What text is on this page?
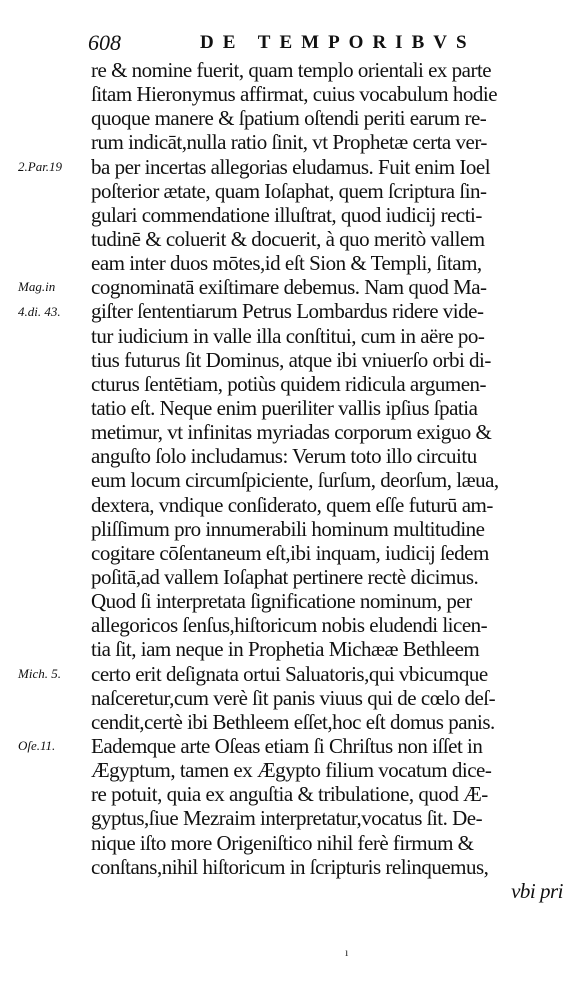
608	DE TEMPORIBVS
re & nomine fuerit, quam templo orientali ex parte
ſitam Hieronymus affirmat, cuius vocabulum hodie
quoque manere & ſpatium oſtendi periti earum re-
rum indicāt,nulla ratio ſinit, vt Prophetæ certa ver-
ba per incertas allegorias eludamus. Fuit enim Ioel
poſterior ætate, quam Ioſaphat, quem ſcriptura ſin-
gulari commendatione illuſtrat, quod iudicij recti-
tudinē & coluerit & docuerit, à quo meritò vallem
eam inter duos mōtes,id eſt Sion & Templi, ſitam,
cognominatā exiſtimare debemus. Nam quod Ma-
giſter ſententiarum Petrus Lombardus ridere vide-
tur iudicium in valle illa conſtitui, cum in aëre po-
tius futurus ſit Dominus, atque ibi vniuerſo orbi di-
cturus ſentētiam, potiùs quidem ridicula argumen-
tatio eſt. Neque enim pueriliter vallis ipſius ſpatia
metimur, vt infinitas myriadas corporum exiguo &
anguſto ſolo includamus: Verum toto illo circuitu
eum locum circumſpiciente, ſurſum, deorſum, læua,
dextera, vndique conſiderato, quem eſſe futurū am-
pliſſimum pro innumerabili hominum multitudine
cogitare cōſentaneum eſt,ibi inquam, iudicij ſedem
poſitā,ad vallem Ioſaphat pertinere rectè dicimus.
Quod ſi interpretata ſignificatione nominum, per
allegoricos ſenſus,hiſtoricum nobis eludendi licen-
tia ſit, iam neque in Prophetia Michææ Bethleem
certo erit deſignata ortui Saluatoris,qui vbicumque
naſceretur,cum verè ſit panis viuus qui de cœlo deſ-
cendit,certè ibi Bethleem eſſet,hoc eſt domus panis.
Eademque arte Oſeas etiam ſi Chriſtus non iſſet in
Ægyptum, tamen ex Ægypto filium vocatum dice-
re potuit, quia ex anguſtia & tribulatione, quod Æ-
gyptus,ſiue Mezraim interpretatur,vocatus ſit. De-
nique iſto more Origeniſtico nihil ferè firmum &
conſtans,nihil hiſtoricum in ſcripturis relinquemus,
vbi pri
2.Par.19
Mag.in
4.di. 43.
Mich. 5.
Oſe.11.
ı
